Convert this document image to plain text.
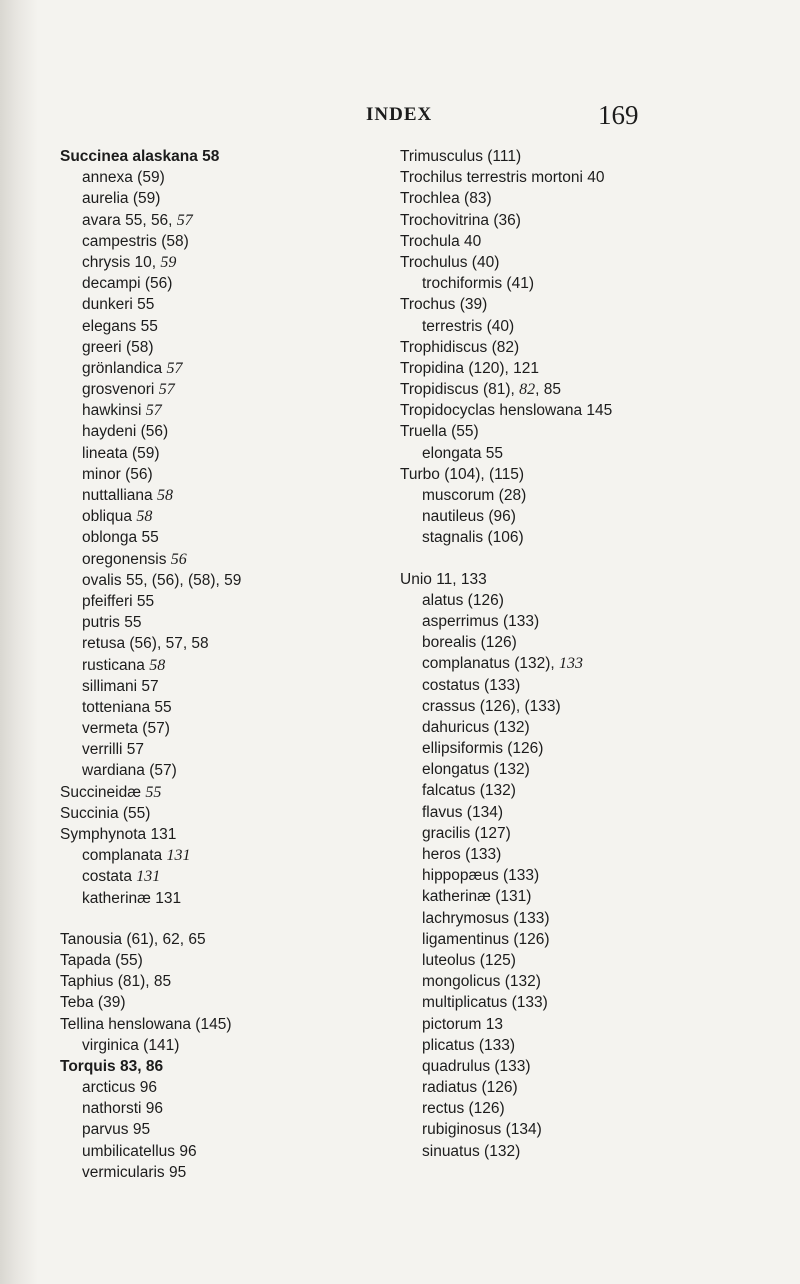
INDEX	169
Succinea alaskana 58
annexa (59)
aurelia (59)
avara 55, 56, 57
campestris (58)
chrysis 10, 59
decampi (56)
dunkeri 55
elegans 55
greeri (58)
grönlandica 57
grosvenori 57
hawkinsi 57
haydeni (56)
lineata (59)
minor (56)
nuttalliana 58
obliqua 58
oblonga 55
oregonensis 56
ovalis 55, (56), (58), 59
pfeifferi 55
putris 55
retusa (56), 57, 58
rusticana 58
sillimani 57
totteniana 55
vermeta (57)
verrilli 57
wardiana (57)
Succineidæ 55
Succinia (55)
Symphynota 131
complanata 131
costata 131
katherinæ 131
Tanousia (61), 62, 65
Tapada (55)
Taphius (81), 85
Teba (39)
Tellina henslowana (145)
virginica (141)
Torquis 83, 86
arcticus 96
nathorsti 96
parvus 95
umbilicatellus 96
vermicularis 95
Trimusculus (111)
Trochilus terrestris mortoni 40
Trochlea (83)
Trochovitrina (36)
Trochula 40
Trochulus (40)
trochiformis (41)
Trochus (39)
terrestris (40)
Trophidiscus (82)
Tropidina (120), 121
Tropidiscus (81), 82, 85
Tropidocyclas henslowana 145
Truella (55)
elongata 55
Turbo (104), (115)
muscorum (28)
nautileus (96)
stagnalis (106)
Unio 11, 133
alatus (126)
asperrimus (133)
borealis (126)
complanatus (132), 133
costatus (133)
crassus (126), (133)
dahuricus (132)
ellipsiformis (126)
elongatus (132)
falcatus (132)
flavus (134)
gracilis (127)
heros (133)
hippopæus (133)
katherinæ (131)
lachrymosus (133)
ligamentinus (126)
luteolus (125)
mongolicus (132)
multiplicatus (133)
pictorum 13
plicatus (133)
quadrulus (133)
radiatus (126)
rectus (126)
rubiginosus (134)
sinuatus (132)
